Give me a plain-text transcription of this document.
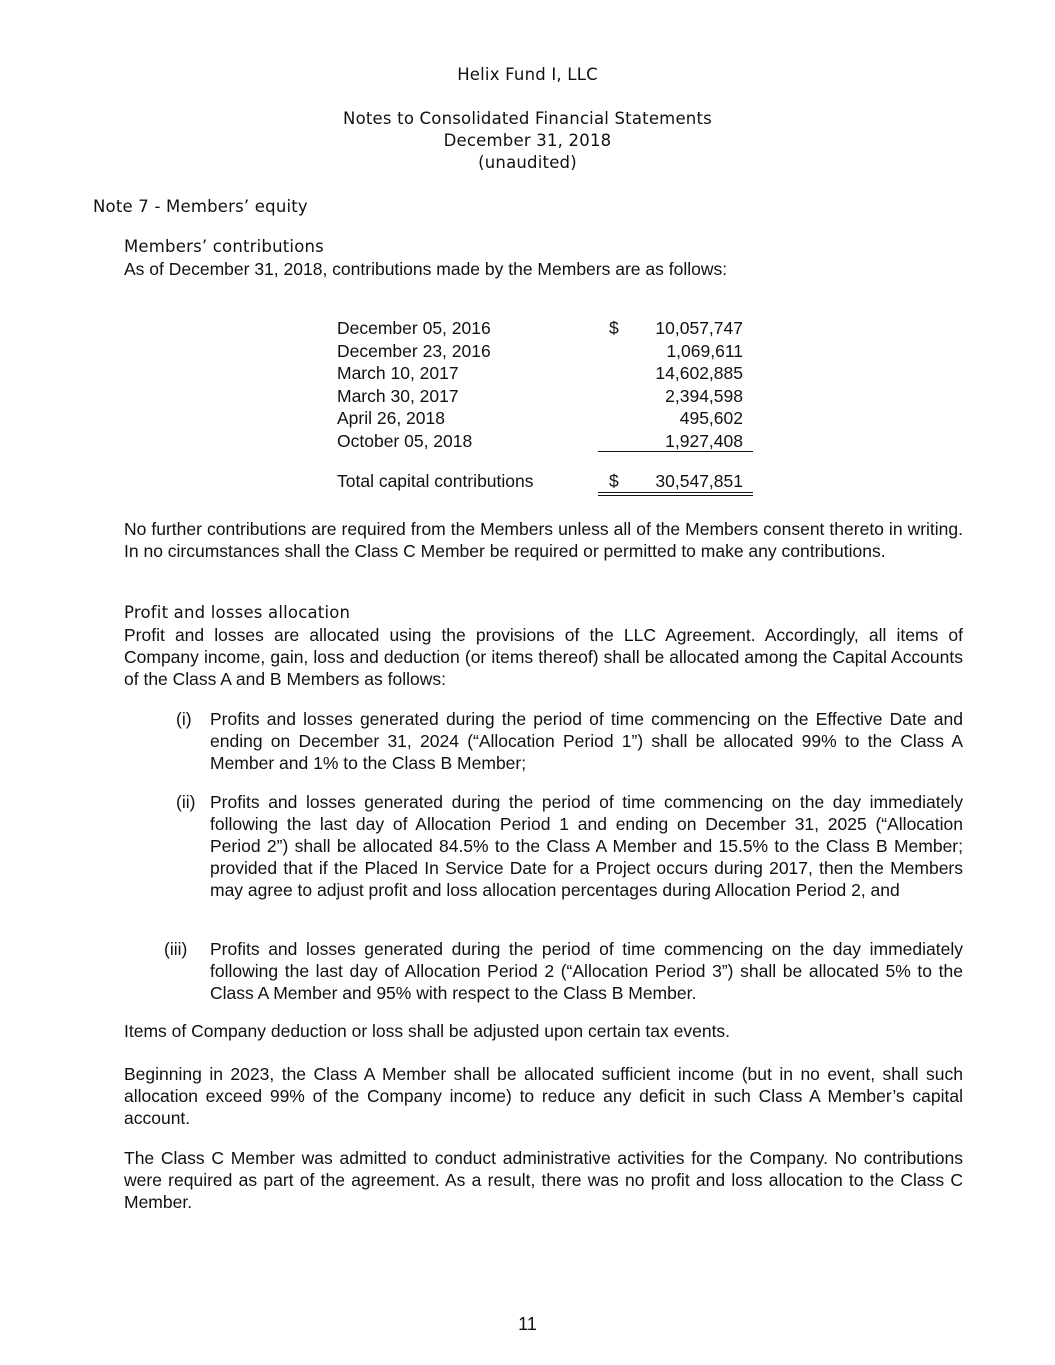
Helix Fund I, LLC
Notes to Consolidated Financial Statements
December 31, 2018
(unaudited)
Note 7 - Members’ equity
Members’ contributions
As of December 31, 2018, contributions made by the Members are as follows:
December 05, 2016	$ 10,057,747
December 23, 2016	1,069,611
March 10, 2017	14,602,885
March 30, 2017	2,394,598
April 26, 2018	495,602
October 05, 2018	1,927,408
Total capital contributions	$ 30,547,851
No further contributions are required from the Members unless all of the Members consent thereto in writing. In no circumstances shall the Class C Member be required or permitted to make any contributions.
Profit and losses allocation
Profit and losses are allocated using the provisions of the LLC Agreement. Accordingly, all items of Company income, gain, loss and deduction (or items thereof) shall be allocated among the Capital Accounts of the Class A and B Members as follows:
(i) Profits and losses generated during the period of time commencing on the Effective Date and ending on December 31, 2024 (“Allocation Period 1”) shall be allocated 99% to the Class A Member and 1% to the Class B Member;
(ii) Profits and losses generated during the period of time commencing on the day immediately following the last day of Allocation Period 1 and ending on December 31, 2025 (“Allocation Period 2”) shall be allocated 84.5% to the Class A Member and 15.5% to the Class B Member; provided that if the Placed In Service Date for a Project occurs during 2017, then the Members may agree to adjust profit and loss allocation percentages during Allocation Period 2, and
(iii) Profits and losses generated during the period of time commencing on the day immediately following the last day of Allocation Period 2 (“Allocation Period 3”) shall be allocated 5% to the Class A Member and 95% with respect to the Class B Member.
Items of Company deduction or loss shall be adjusted upon certain tax events.
Beginning in 2023, the Class A Member shall be allocated sufficient income (but in no event, shall such allocation exceed 99% of the Company income) to reduce any deficit in such Class A Member’s capital account.
The Class C Member was admitted to conduct administrative activities for the Company. No contributions were required as part of the agreement. As a result, there was no profit and loss allocation to the Class C Member.
11
